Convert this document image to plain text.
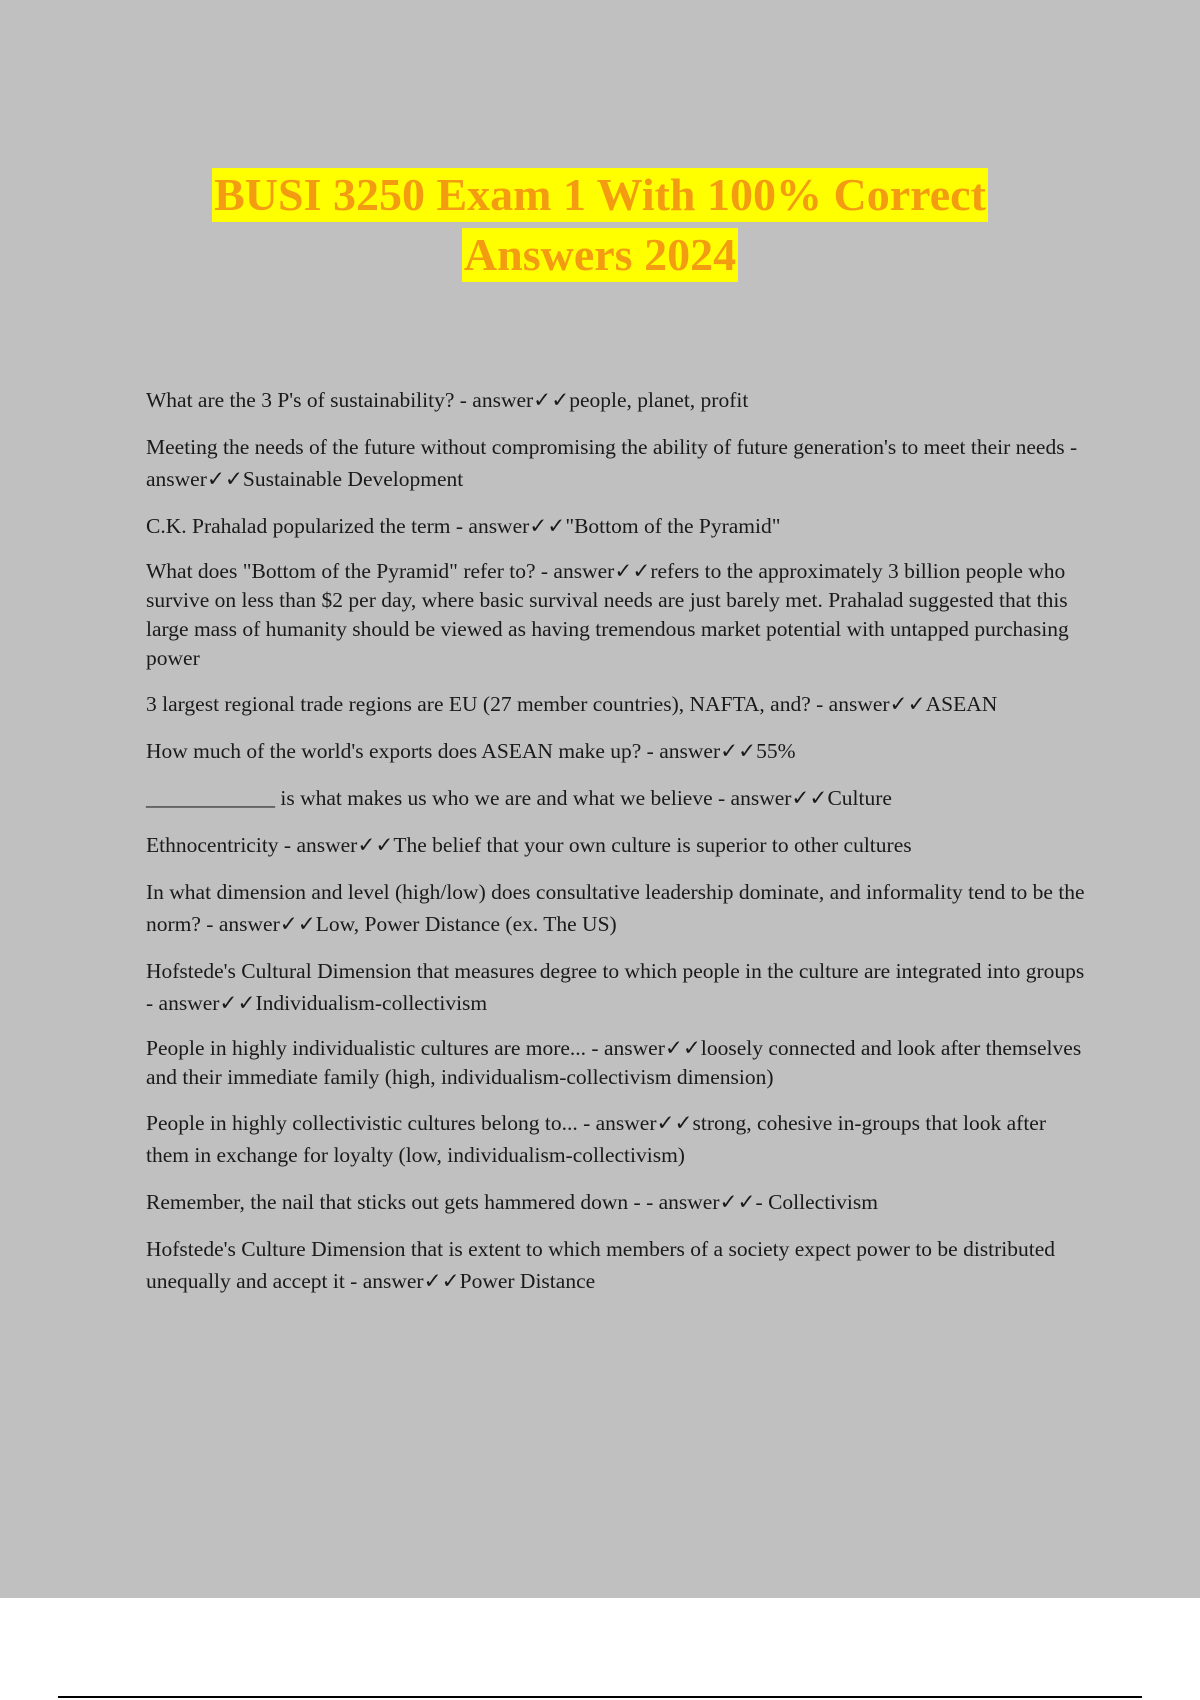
BUSI 3250 Exam 1 With 100% Correct
Answers 2024

What are the 3 P's of sustainability? - answer✓✓people, planet, profit

Meeting the needs of the future without compromising the ability of future generation's to meet their needs - answer✓✓Sustainable Development

C.K. Prahalad popularized the term - answer✓✓"Bottom of the Pyramid"

What does "Bottom of the Pyramid" refer to? - answer✓✓refers to the approximately 3 billion people who survive on less than $2 per day, where basic survival needs are just barely met. Prahalad suggested that this large mass of humanity should be viewed as having tremendous market potential with untapped purchasing power

3 largest regional trade regions are EU (27 member countries), NAFTA, and? - answer✓✓ASEAN

How much of the world's exports does ASEAN make up? - answer✓✓55%

____________ is what makes us who we are and what we believe - answer✓✓Culture

Ethnocentricity - answer✓✓The belief that your own culture is superior to other cultures

In what dimension and level (high/low) does consultative leadership dominate, and informality tend to be the norm? - answer✓✓Low, Power Distance (ex. The US)

Hofstede's Cultural Dimension that measures degree to which people in the culture are integrated into groups - answer✓✓Individualism-collectivism

People in highly individualistic cultures are more... - answer✓✓loosely connected and look after themselves and their immediate family (high, individualism-collectivism dimension)

People in highly collectivistic cultures belong to... - answer✓✓strong, cohesive in-groups that look after them in exchange for loyalty (low, individualism-collectivism)

Remember, the nail that sticks out gets hammered down - - answer✓✓- Collectivism

Hofstede's Culture Dimension that is extent to which members of a society expect power to be distributed unequally and accept it - answer✓✓Power Distance
